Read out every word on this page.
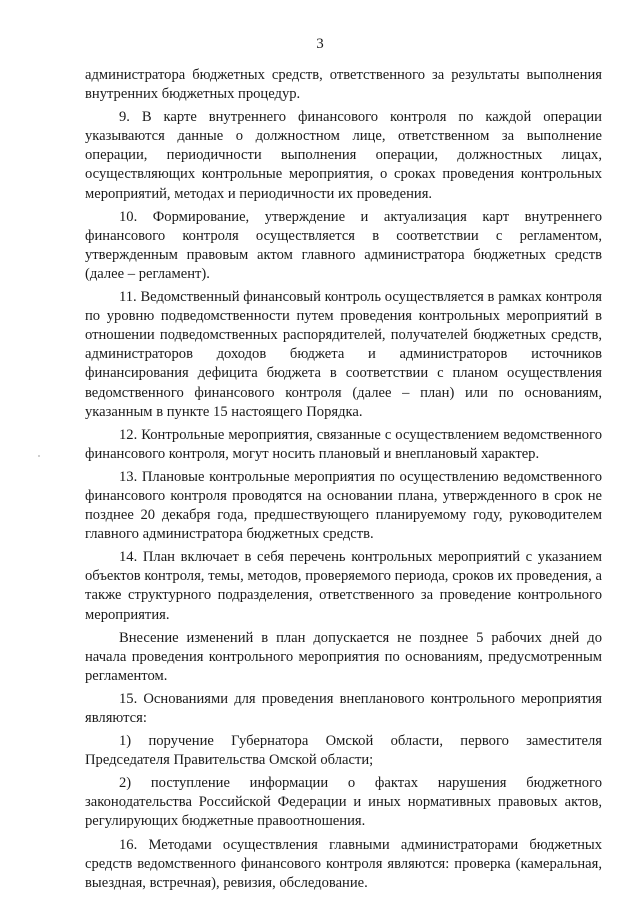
3

администратора бюджетных средств, ответственного за результаты выполнения внутренних бюджетных процедур.

9. В карте внутреннего финансового контроля по каждой операции указываются данные о должностном лице, ответственном за выполнение операции, периодичности выполнения операции, должностных лицах, осуществляющих контрольные мероприятия, о сроках проведения контрольных мероприятий, методах и периодичности их проведения.

10. Формирование, утверждение и актуализация карт внутреннего финансового контроля осуществляется в соответствии с регламентом, утвержденным правовым актом главного администратора бюджетных средств (далее – регламент).

11. Ведомственный финансовый контроль осуществляется в рамках контроля по уровню подведомственности путем проведения контрольных мероприятий в отношении подведомственных распорядителей, получателей бюджетных средств, администраторов доходов бюджета и администраторов источников финансирования дефицита бюджета в соответствии с планом осуществления ведомственного финансового контроля (далее – план) или по основаниям, указанным в пункте 15 настоящего Порядка.

12. Контрольные мероприятия, связанные с осуществлением ведомственного финансового контроля, могут носить плановый и внеплановый характер.

13. Плановые контрольные мероприятия по осуществлению ведомственного финансового контроля проводятся на основании плана, утвержденного в срок не позднее 20 декабря года, предшествующего планируемому году, руководителем главного администратора бюджетных средств.

14. План включает в себя перечень контрольных мероприятий с указанием объектов контроля, темы, методов, проверяемого периода, сроков их проведения, а также структурного подразделения, ответственного за проведение контрольного мероприятия.

Внесение изменений в план допускается не позднее 5 рабочих дней до начала проведения контрольного мероприятия по основаниям, предусмотренным регламентом.

15. Основаниями для проведения внепланового контрольного мероприятия являются:

1) поручение Губернатора Омской области, первого заместителя Председателя Правительства Омской области;

2) поступление информации о фактах нарушения бюджетного законодательства Российской Федерации и иных нормативных правовых актов, регулирующих бюджетные правоотношения.

16. Методами осуществления главными администраторами бюджетных средств ведомственного финансового контроля являются: проверка (камеральная, выездная, встречная), ревизия, обследование.
